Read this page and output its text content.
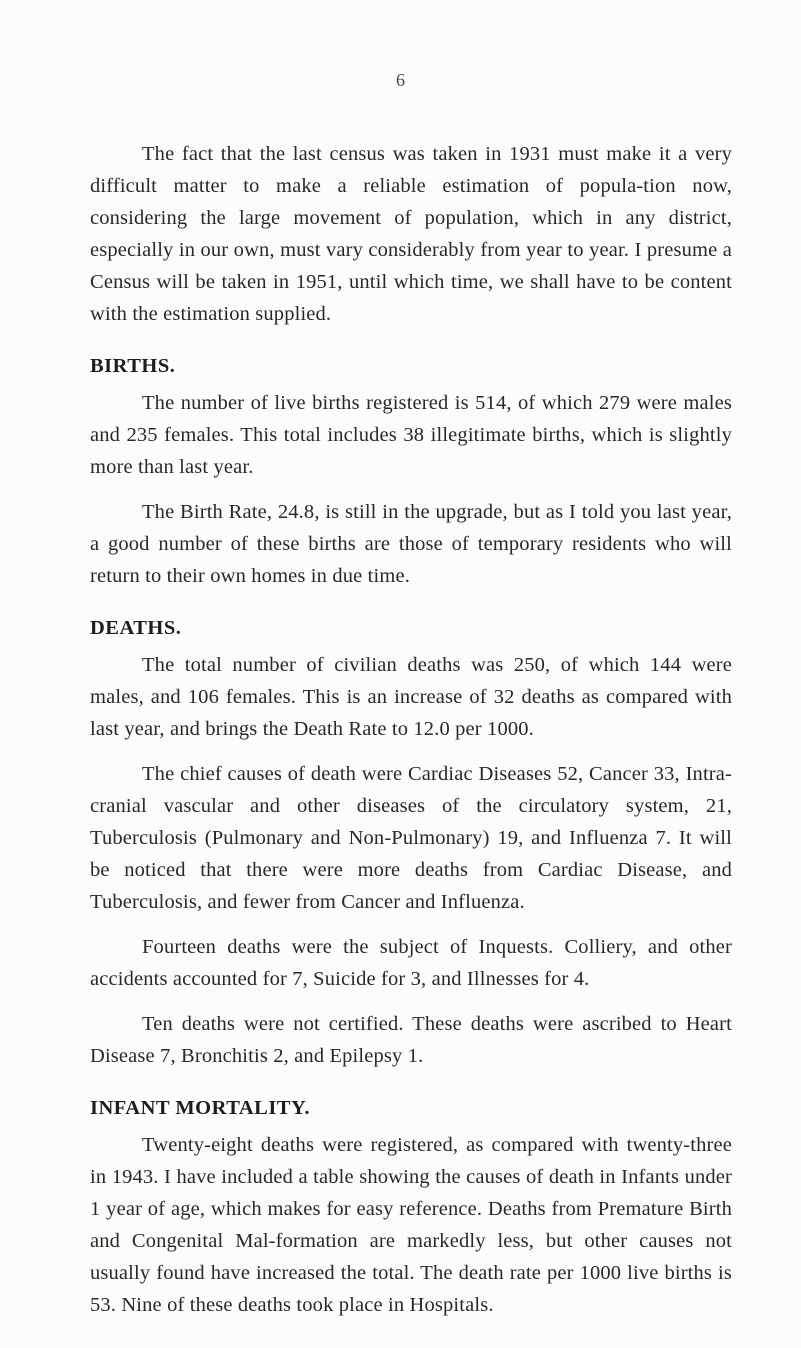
6

The fact that the last census was taken in 1931 must make it a very difficult matter to make a reliable estimation of popula-tion now, considering the large movement of population, which in any district, especially in our own, must vary considerably from year to year. I presume a Census will be taken in 1951, until which time, we shall have to be content with the estimation supplied.

BIRTHS.

The number of live births registered is 514, of which 279 were males and 235 females. This total includes 38 illegitimate births, which is slightly more than last year.

The Birth Rate, 24.8, is still in the upgrade, but as I told you last year, a good number of these births are those of temporary residents who will return to their own homes in due time.

DEATHS.

The total number of civilian deaths was 250, of which 144 were males, and 106 females. This is an increase of 32 deaths as compared with last year, and brings the Death Rate to 12.0 per 1000.

The chief causes of death were Cardiac Diseases 52, Cancer 33, Intra-cranial vascular and other diseases of the circulatory system, 21, Tuberculosis (Pulmonary and Non-Pulmonary) 19, and Influenza 7. It will be noticed that there were more deaths from Cardiac Disease, and Tuberculosis, and fewer from Cancer and Influenza.

Fourteen deaths were the subject of Inquests. Colliery, and other accidents accounted for 7, Suicide for 3, and Illnesses for 4.

Ten deaths were not certified. These deaths were ascribed to Heart Disease 7, Bronchitis 2, and Epilepsy 1.

INFANT MORTALITY.

Twenty-eight deaths were registered, as compared with twenty-three in 1943. I have included a table showing the causes of death in Infants under 1 year of age, which makes for easy reference. Deaths from Premature Birth and Congenital Mal-formation are markedly less, but other causes not usually found have increased the total. The death rate per 1000 live births is 53. Nine of these deaths took place in Hospitals.
